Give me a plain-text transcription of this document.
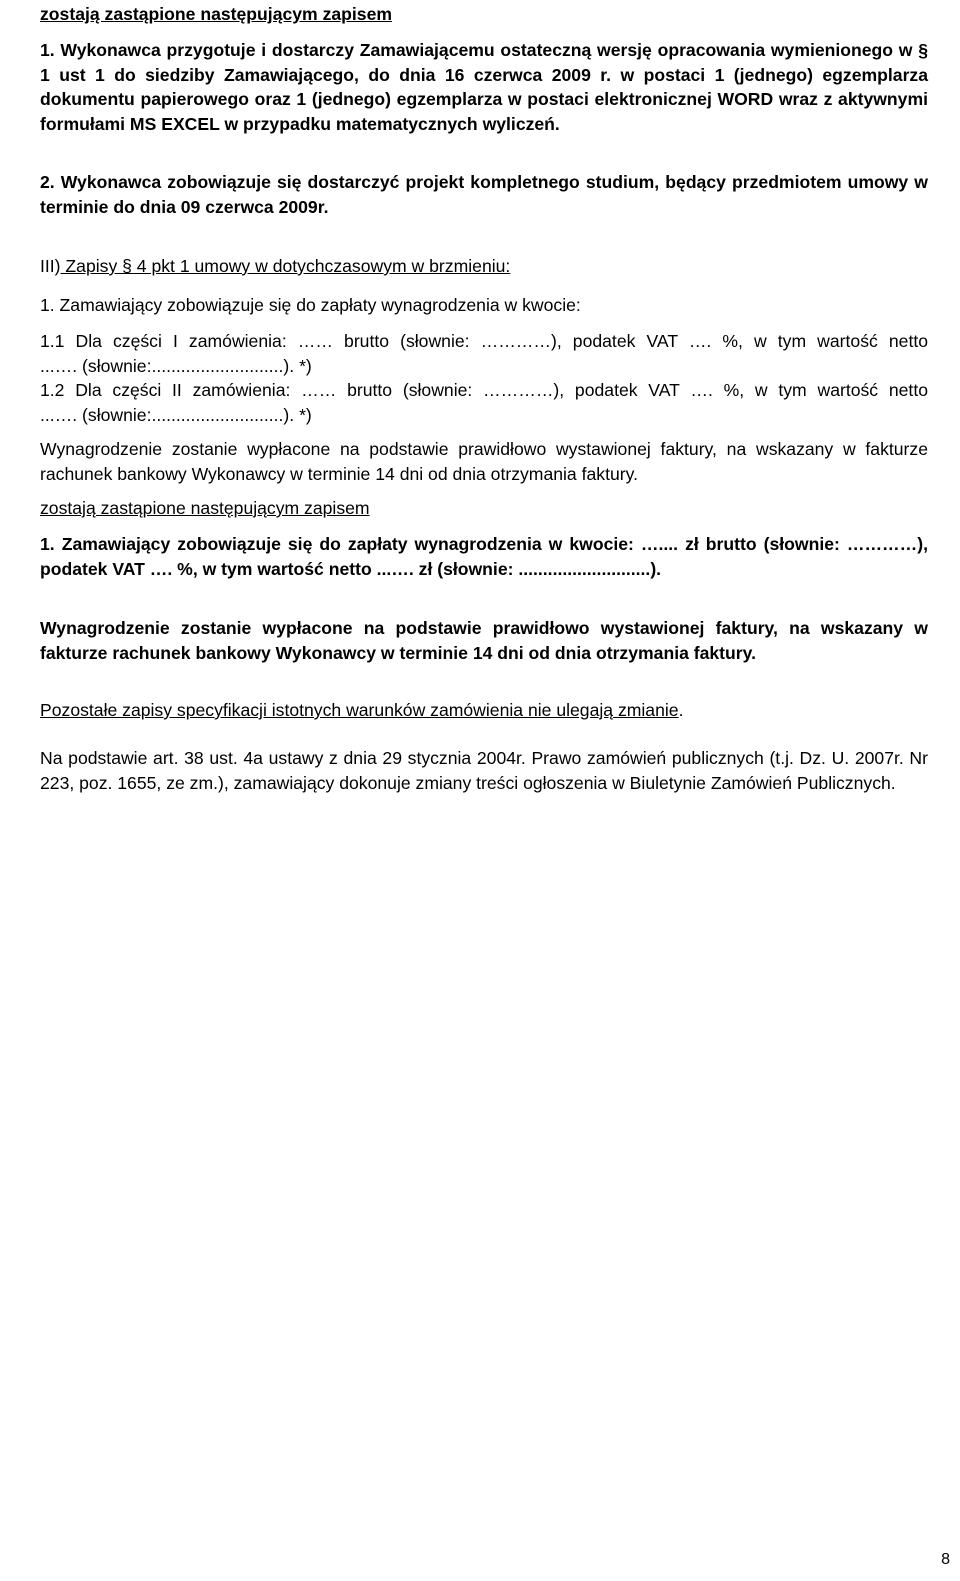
zostają zastąpione następującym zapisem
1. Wykonawca przygotuje i dostarczy Zamawiającemu ostateczną wersję opracowania wymienionego w § 1 ust 1 do siedziby Zamawiającego, do dnia 16 czerwca 2009 r. w postaci 1 (jednego) egzemplarza dokumentu papierowego oraz 1 (jednego) egzemplarza w postaci elektronicznej WORD wraz z aktywnymi formułami MS EXCEL w przypadku matematycznych wyliczeń.
2. Wykonawca zobowiązuje się dostarczyć projekt kompletnego studium, będący przedmiotem umowy w terminie do dnia 09 czerwca 2009r.
III) Zapisy § 4 pkt 1 umowy w dotychczasowym w brzmieniu:
1. Zamawiający zobowiązuje się do zapłaty wynagrodzenia w kwocie:
1.1 Dla części I zamówienia: …… brutto (słownie: …………), podatek VAT …. %, w tym wartość netto
...…. (słownie:...........................). *)
1.2 Dla części II zamówienia: …… brutto (słownie: …………), podatek VAT …. %, w tym wartość netto
...…. (słownie:...........................). *)
Wynagrodzenie zostanie wypłacone na podstawie prawidłowo wystawionej faktury, na wskazany w fakturze rachunek bankowy Wykonawcy w terminie 14 dni od dnia otrzymania faktury.
zostają zastąpione następującym zapisem
1. Zamawiający zobowiązuje się do zapłaty wynagrodzenia w kwocie: ….... zł brutto (słownie: …………), podatek VAT …. %, w tym wartość netto ...…. zł (słownie: ...........................).
Wynagrodzenie zostanie wypłacone na podstawie prawidłowo wystawionej faktury, na wskazany w fakturze rachunek bankowy Wykonawcy w terminie 14 dni od dnia otrzymania faktury.
Pozostałe zapisy specyfikacji istotnych warunków zamówienia nie ulegają zmianie.
Na podstawie art. 38 ust. 4a ustawy z dnia 29 stycznia 2004r. Prawo zamówień publicznych (t.j. Dz. U. 2007r. Nr 223, poz. 1655, ze zm.), zamawiający dokonuje zmiany treści ogłoszenia w Biuletynie Zamówień Publicznych.
8
